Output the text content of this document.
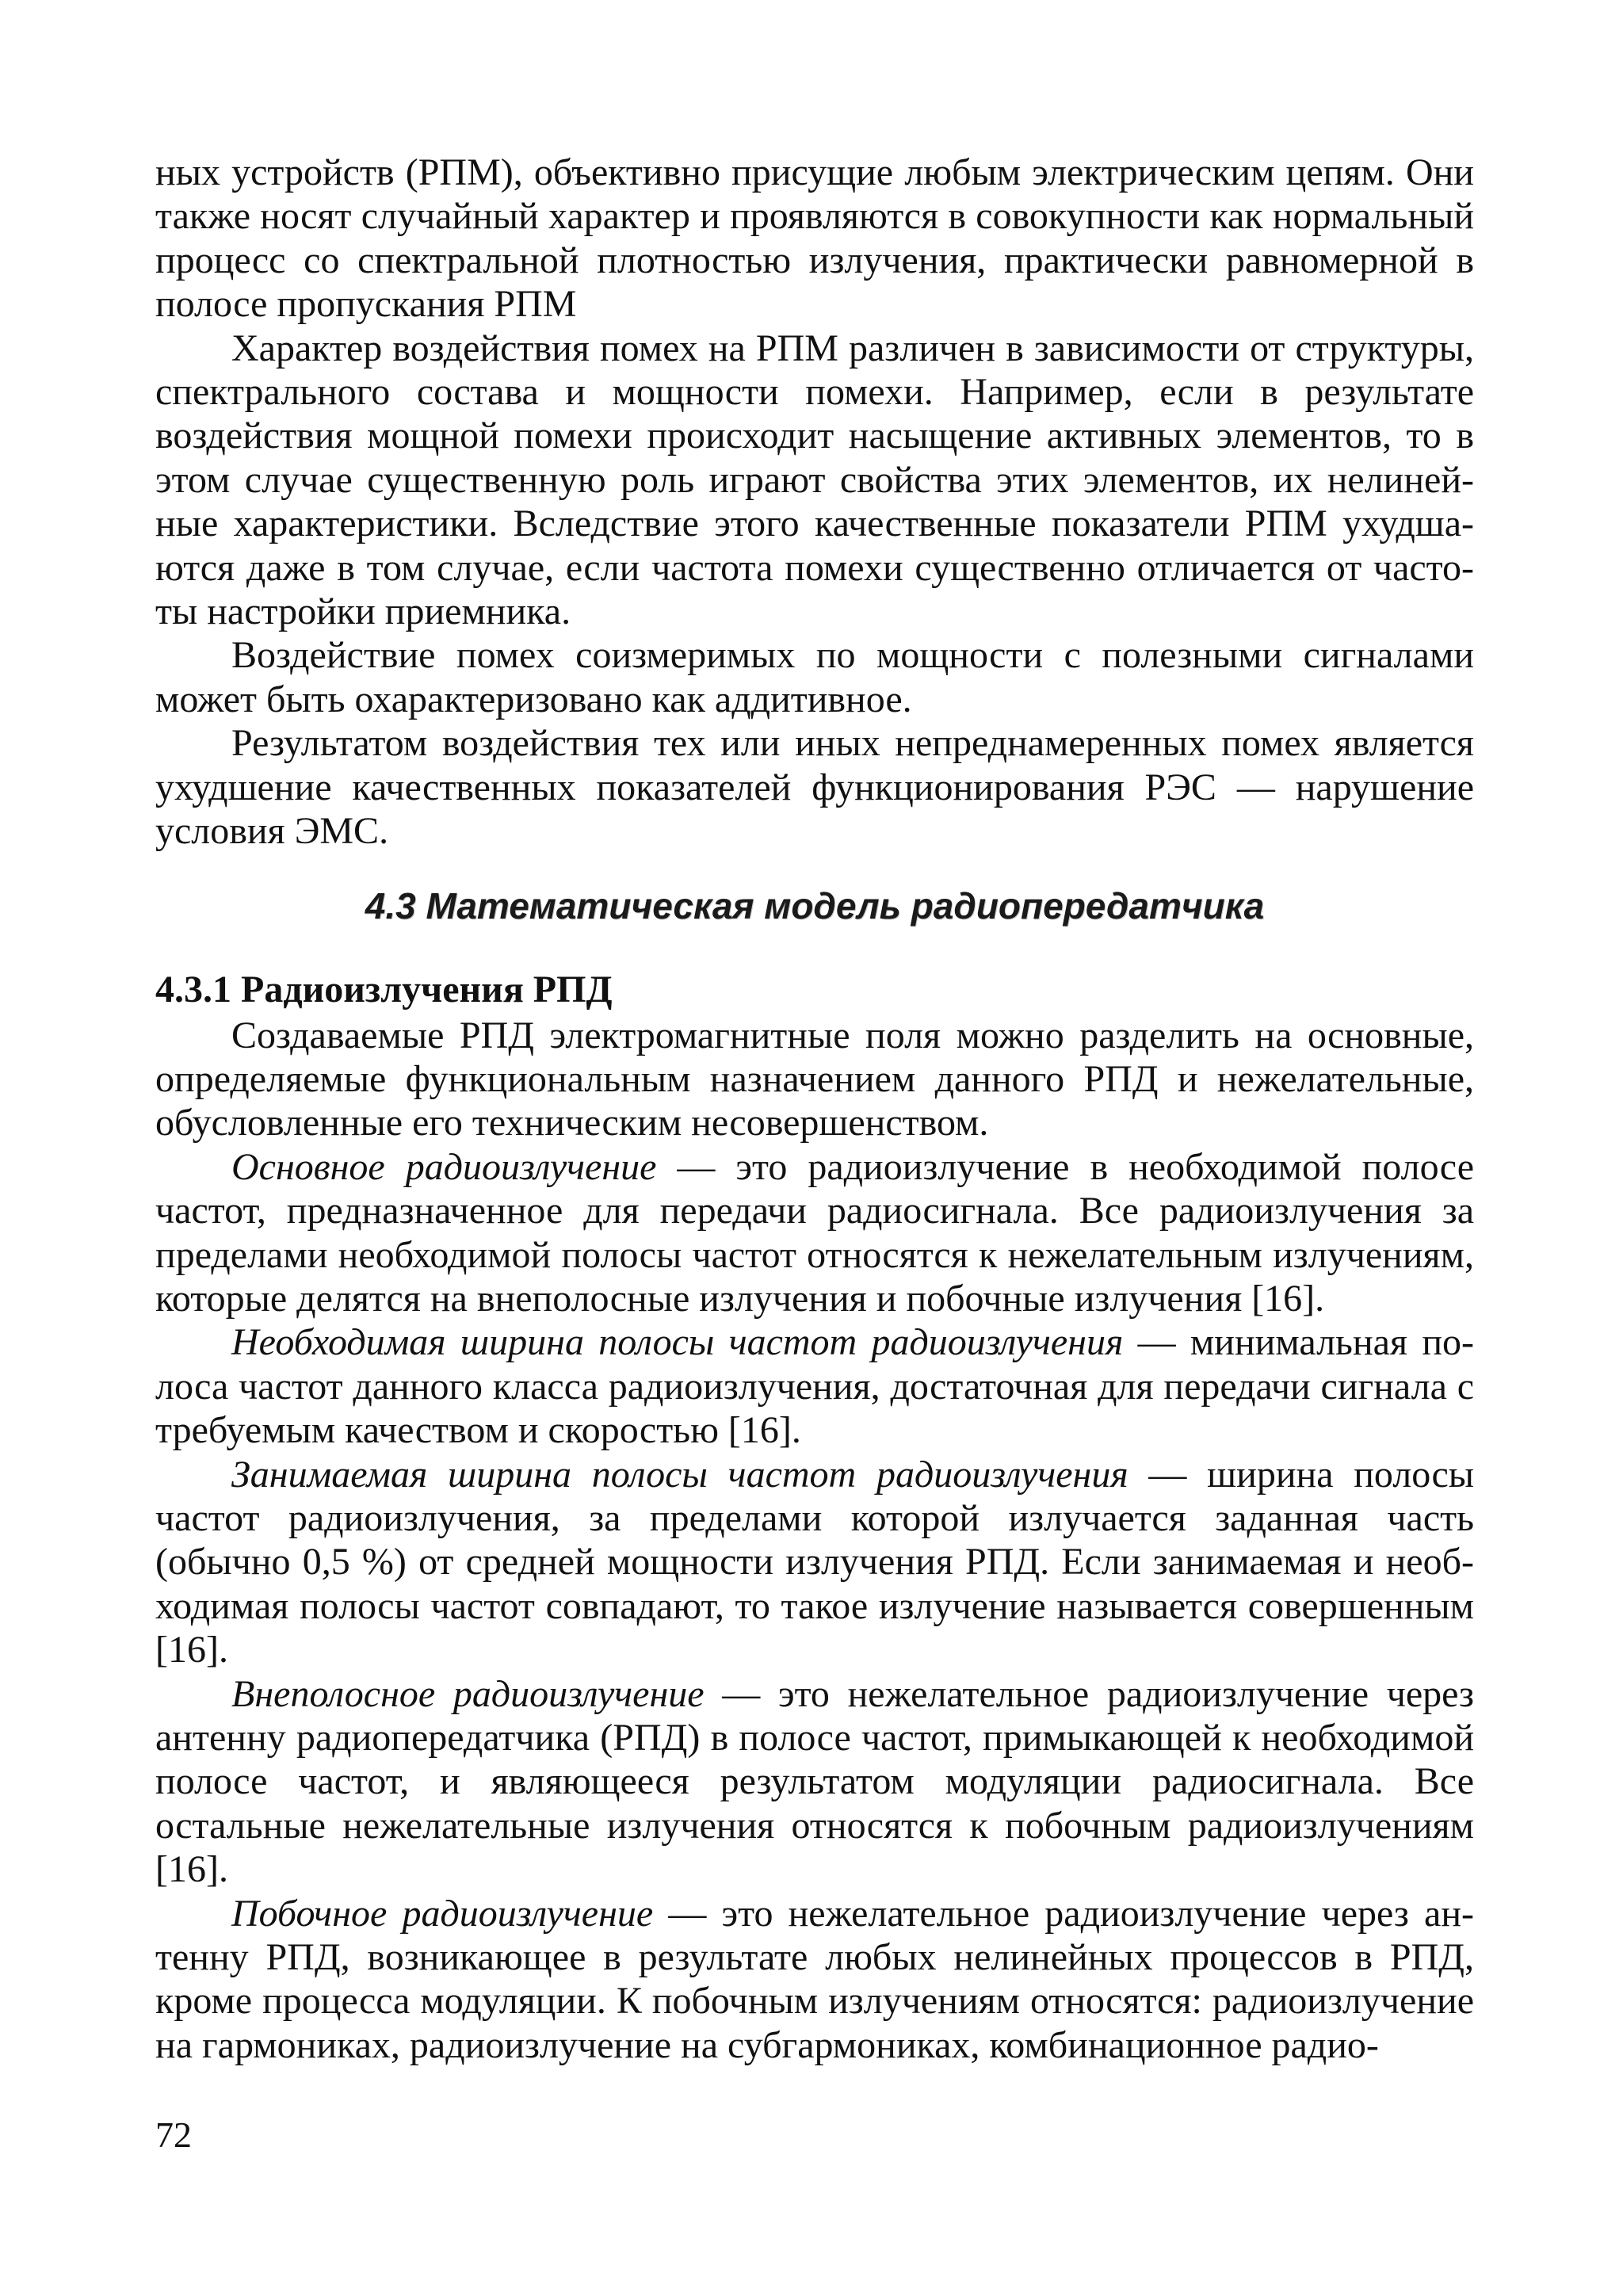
ных устройств (РПМ), объективно присущие любым электрическим цепям. Они также носят случайный характер и проявляются в совокупности как нормальный процесс со спектральной плотностью излучения, практически равномерной в полосе пропускания РПМ

Характер воздействия помех на РПМ различен в зависимости от структуры, спектрального состава и мощности помехи. Например, если в результате воздействия мощной помехи происходит насыщение активных элементов, то в этом случае существенную роль играют свойства этих элементов, их нелинейные характеристики. Вследствие этого качественные показатели РПМ ухудшаются даже в том случае, если частота помехи существенно отличается от частоты настройки приемника.

Воздействие помех соизмеримых по мощности с полезными сигналами может быть охарактеризовано как аддитивное.

Результатом воздействия тех или иных непреднамеренных помех является ухудшение качественных показателей функционирования РЭС — нарушение условия ЭМС.

4.3 Математическая модель радиопередатчика
4.3.1 Радиоизлучения РПД

Создаваемые РПД электромагнитные поля можно разделить на основные, определяемые функциональным назначением данного РПД и нежелательные, обусловленные его техническим несовершенством.

Основное радиоизлучение — это радиоизлучение в необходимой полосе частот, предназначенное для передачи радиосигнала. Все радиоизлучения за пределами необходимой полосы частот относятся к нежелательным излучениям, которые делятся на внеполосные излучения и побочные излучения [16].

Необходимая ширина полосы частот радиоизлучения — минимальная полоса частот данного класса радиоизлучения, достаточная для передачи сигнала с требуемым качеством и скоростью [16].

Занимаемая ширина полосы частот радиоизлучения — ширина полосы частот радиоизлучения, за пределами которой излучается заданная часть (обычно 0,5 %) от средней мощности излучения РПД. Если занимаемая и необходимая полосы частот совпадают, то такое излучение называется совершенным [16].

Внеполосное радиоизлучение — это нежелательное радиоизлучение через антенну радиопередатчика (РПД) в полосе частот, примыкающей к необходимой полосе частот, и являющееся результатом модуляции радиосигнала. Все остальные нежелательные излучения относятся к побочным радиоизлучениям [16].

Побочное радиоизлучение — это нежелательное радиоизлучение через антенну РПД, возникающее в результате любых нелинейных процессов в РПД, кроме процесса модуляции. К побочным излучениям относятся: радиоизлучение на гармониках, радиоизлучение на субгармониках, комбинационное радио-

72
